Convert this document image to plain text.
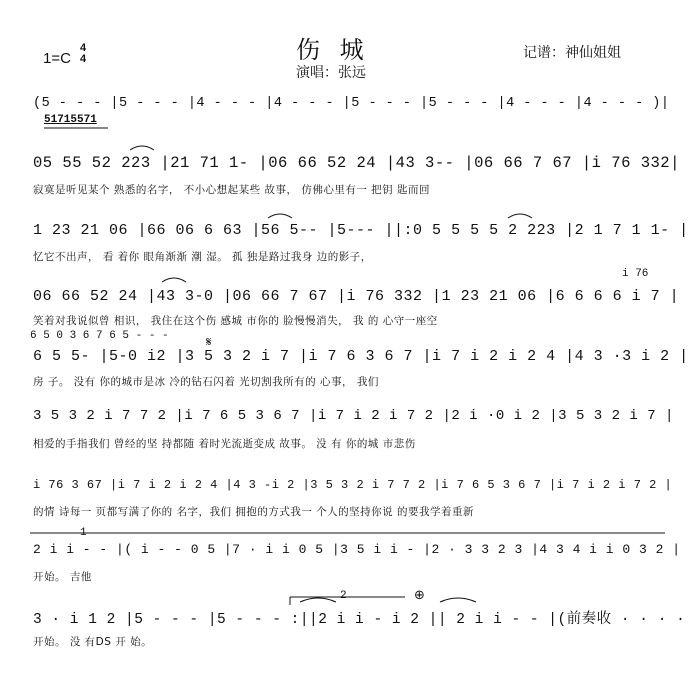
伤 城
演唱：张远
记谱：神仙姐姐
1=C
4
4
(5 - - - |5 - - - |4 - - - |4 - - - |5 - - - |5 - - - |4 - - - |4 - - - )|
51715571
05 55 52 223 |21 71 1- |06 66 52 24 |43 3-- |06 66 7 67 |i 76 332|
寂寞是听见某个 熟悉的名字， 不小心想起某些 故事， 仿佛心里有一 把钥 匙而回
1 23 21 06 |66 06 6 63 |56 5-- |5--- ||:0 5 5 5 5 2 223 |2 1 7 1 1- |
忆它不出声， 看 着你 眼角渐渐 潮 湿。 孤 独是路过我身 边的影子，
i 76
06 66 52 24 |43 3-0 |06 66 7 67 |i 76 332 |1 23 21 06 |6 6 6 6 i 7 |
笑着对我说似曾 相识， 我住在这个伤 感城 市你的 脸慢慢消失， 我 的 心守一座空
6 5 0 3 6 7 6 5 - - -
6 5 5- |5-0 i2 |3 5 3 2 i 7 |i 7 6 3 6 7 |i 7 i 2 i 2 4 |4 3 ·3 i 2 |
房 子。 没有 你的城市是冰 冷的钻石闪着 光切割我所有的 心事， 我们
𝄋
3 5 3 2 i 7 7 2 |i 7 6 5 3 6 7 |i 7 i 2 i 7 2 |2 i ·0 i 2 |3 5 3 2 i 7 |
相爱的手指我们 曾经的坚 持都随 着时光流逝变成 故事。 没 有 你的城 市悲伤
i 76 3 67 |i 7 i 2 i 2 4 |4 3 -i 2 |3 5 3 2 i 7 7 2 |i 7 6 5 3 6 7 |i 7 i 2 i 7 2 |
的情 诗每一 页都写满了你的 名字，我们 拥抱的方式我一 个人的坚持你说 的要我学着重新
1
2 i i - - |( i - - 0 5 |7 · i i 0 5 |3 5 i i - |2 · 3 3 2 3 |4 3 4 i i 0 3 2 |
开始。 吉他
2	⊕
3 · i 1 2 |5 - - - |5 - - - :||2 i i - i 2 || 2 i i - - |(前奏收 · · · ·
开始。 没 有DS 开 始。
